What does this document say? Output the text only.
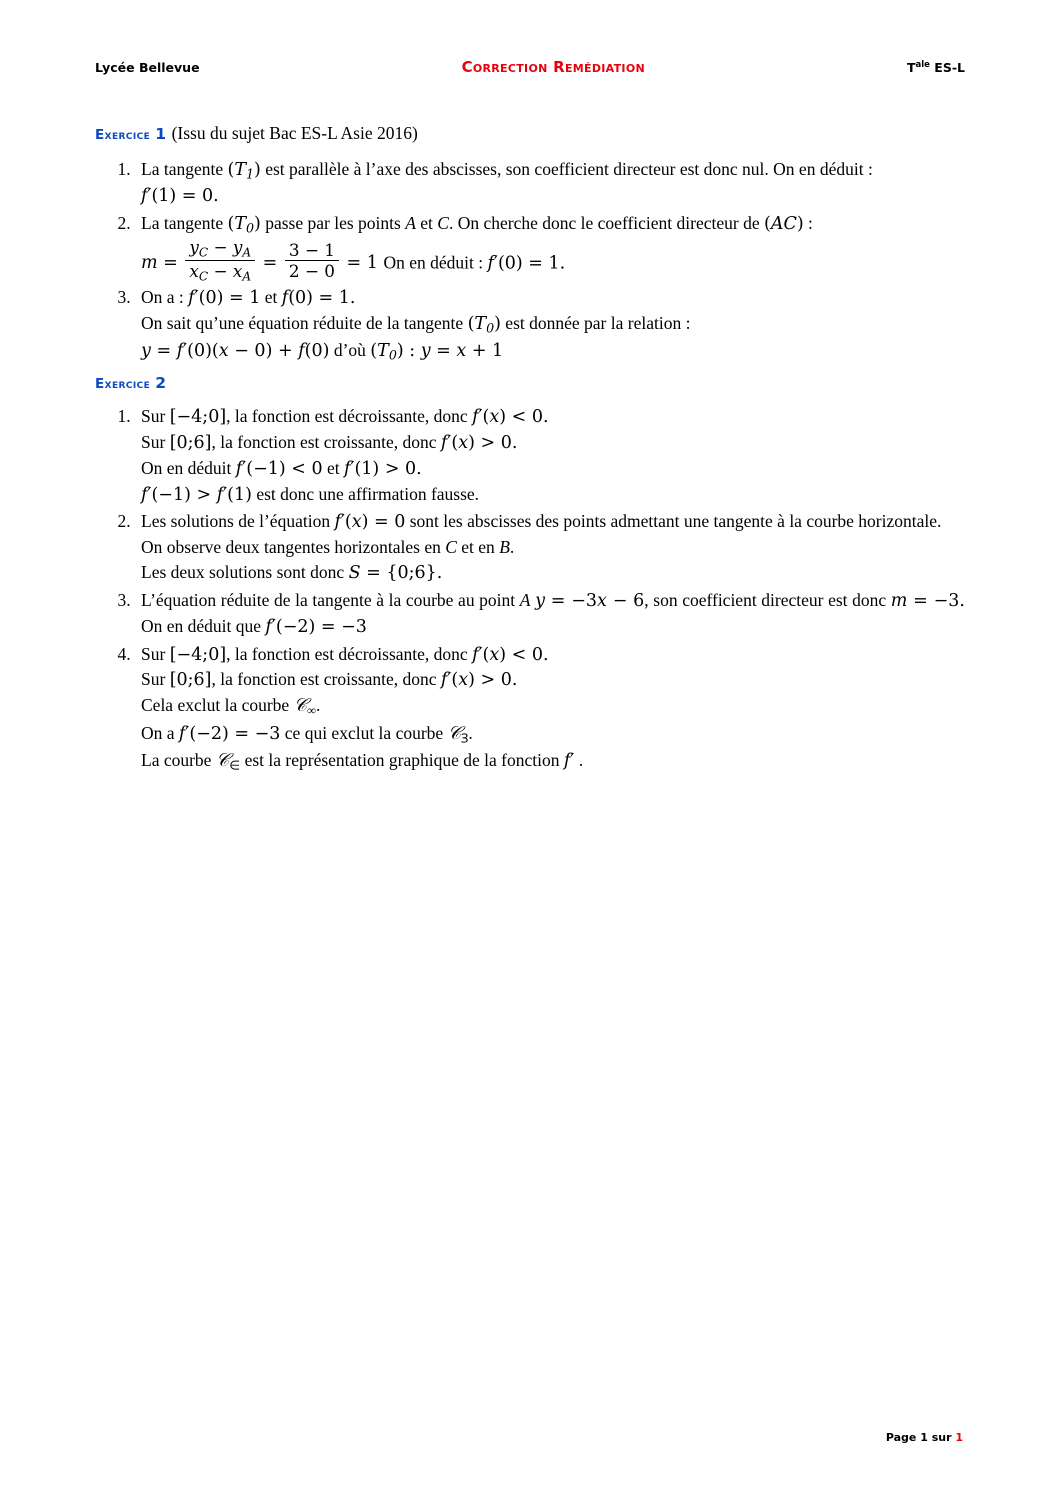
Lycée Bellevue	Correction Remédiation	$T^{ale}$ ES-L
Exercice 1 (Issu du sujet Bac ES-L Asie 2016)
1. La tangente $(T_1)$ est parallèle à l’axe des abscisses, son coefficient directeur est donc nul. On en déduit :
f′(1) = 0.
2. La tangente $(T_0)$ passe par les points A et C. On cherche donc le coefficient directeur de (AC) :
$m = \frac{y_C - y_A}{x_C - x_A} = \frac{3 - 1}{2 - 0} = 1$ On en déduit : f′(0) = 1.
3. On a : f′(0) = 1 et f(0) = 1.
On sait qu’une équation réduite de la tangente $(T_0)$ est donnée par la relation :
y = f′(0)(x − 0) + f(0) d’où $(T_0)$ : y = x + 1
Exercice 2
1. Sur [−4;0], la fonction est décroissante, donc f′(x) < 0.
Sur [0;6], la fonction est croissante, donc f′(x) > 0.
On en déduit f′(−1) < 0 et f′(1) > 0.
f′(−1) > f′(1) est donc une affirmation fausse.
2. Les solutions de l’équation f′(x) = 0 sont les abscisses des points admettant une tangente à la courbe horizontale.
On observe deux tangentes horizontales en C et en B.
Les deux solutions sont donc S = {0;6}.
3. L’équation réduite de la tangente à la courbe au point A y = −3x − 6, son coefficient directeur est donc m = −3. On en déduit que f′(−2) = −3
4. Sur [−4;0], la fonction est décroissante, donc f′(x) < 0.
Sur [0;6], la fonction est croissante, donc f′(x) > 0.
Cela exclut la courbe 𝒞$_\infty$.
On a f′(−2) = −3 ce qui exclut la courbe 𝒞$_Ɜ$.
La courbe 𝒞$_\in$ est la représentation graphique de la fonction f′ .
Page 1 sur 1
